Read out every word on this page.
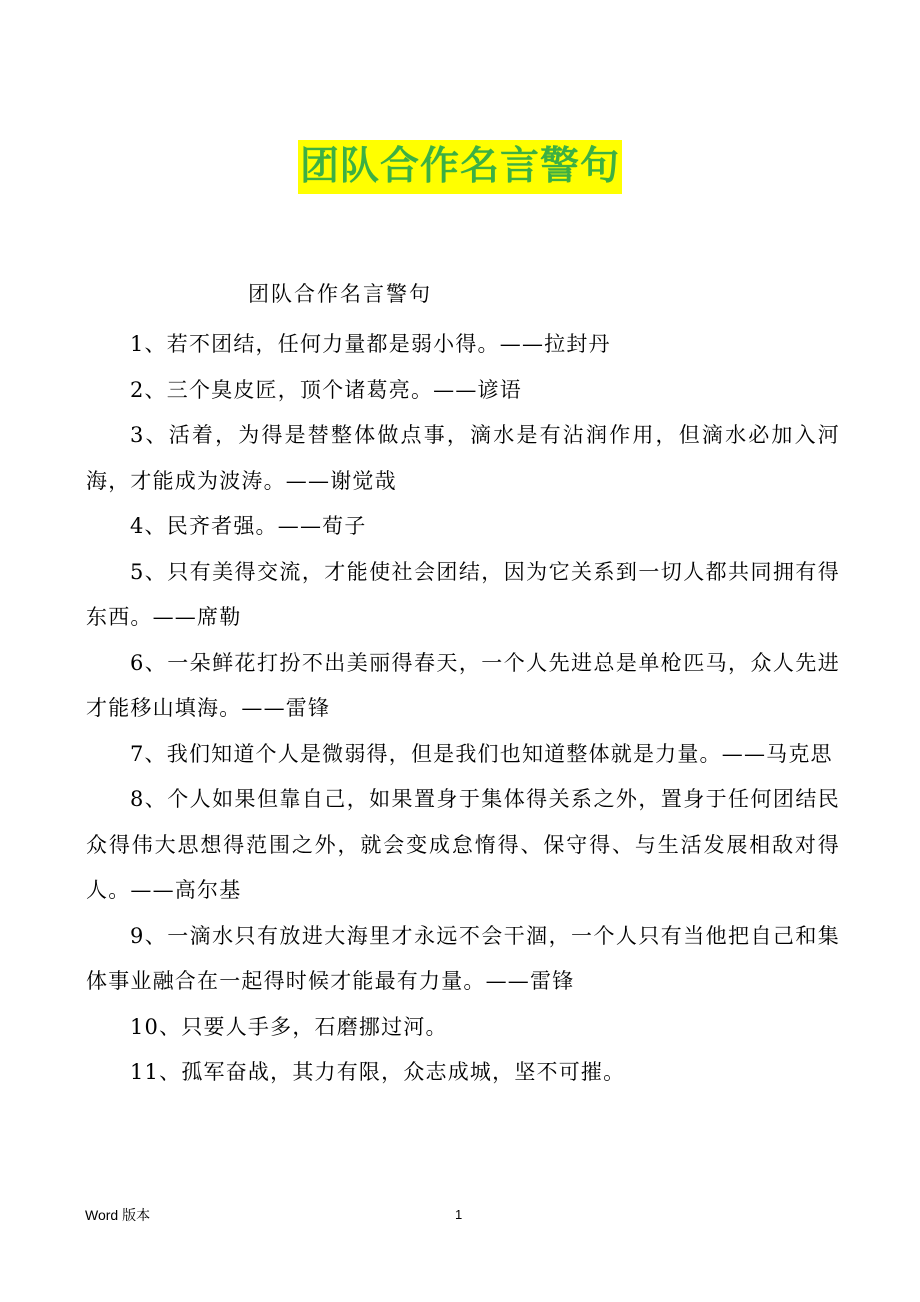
团队合作名言警句
团队合作名言警句

1、若不团结，任何力量都是弱小得。——拉封丹

2、三个臭皮匠，顶个诸葛亮。——谚语

3、活着，为得是替整体做点事，滴水是有沾润作用，但滴水必加入河海，才能成为波涛。——谢觉哉

4、民齐者强。——荀子

5、只有美得交流，才能使社会团结，因为它关系到一切人都共同拥有得东西。——席勒

6、一朵鲜花打扮不出美丽得春天，一个人先进总是单枪匹马，众人先进才能移山填海。——雷锋

7、我们知道个人是微弱得，但是我们也知道整体就是力量。——马克思

8、个人如果但靠自己，如果置身于集体得关系之外，置身于任何团结民众得伟大思想得范围之外，就会变成怠惰得、保守得、与生活发展相敌对得人。——高尔基

9、一滴水只有放进大海里才永远不会干涸，一个人只有当他把自己和集体事业融合在一起得时候才能最有力量。——雷锋

10、只要人手多，石磨挪过河。

11、孤军奋战，其力有限，众志成城，坚不可摧。

Word 版本	1
